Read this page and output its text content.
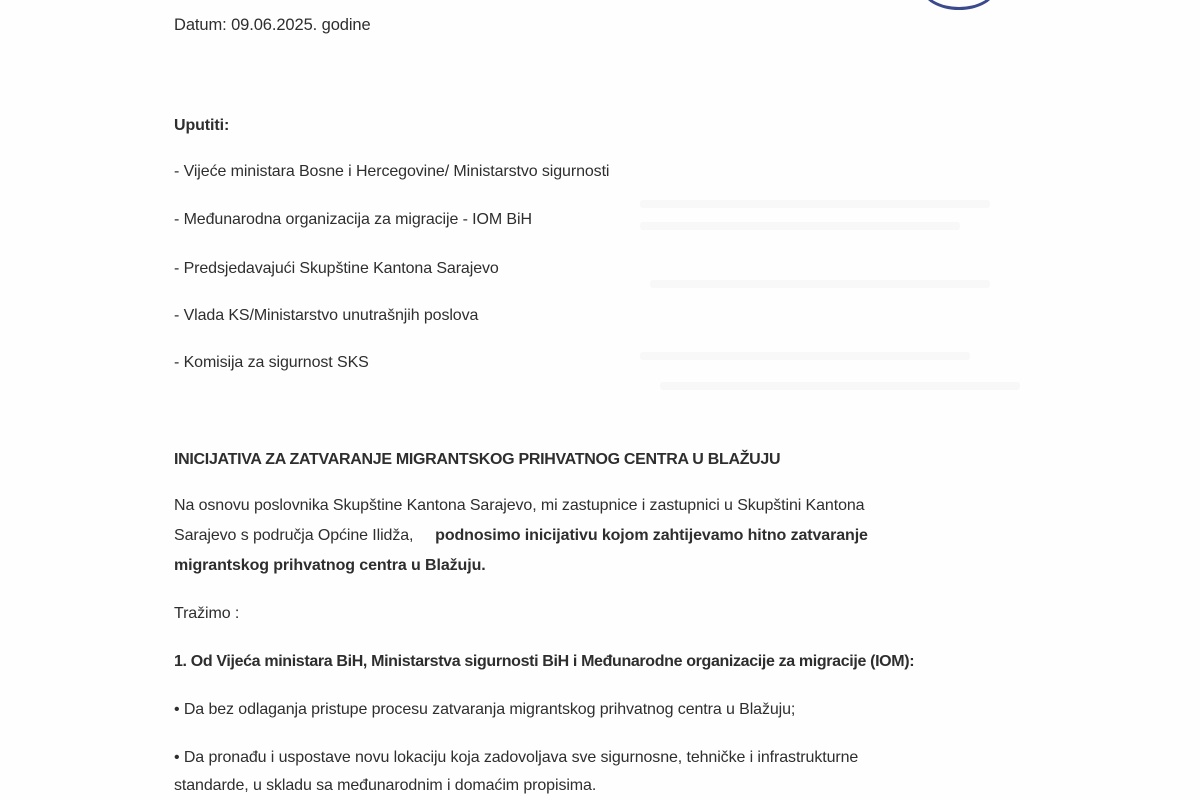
Datum: 09.06.2025. godine
Uputiti:
- Vijeće ministara Bosne i Hercegovine/ Ministarstvo sigurnosti
- Međunarodna organizacija za migracije - IOM BiH
- Predsjedavajući Skupštine Kantona Sarajevo
- Vlada KS/Ministarstvo unutrašnjih poslova
- Komisija za sigurnost SKS
INICIJATIVA ZA ZATVARANJE MIGRANTSKOG PRIHVATNOG CENTRA U BLAŽUJU
Na osnovu poslovnika Skupštine Kantona Sarajevo, mi zastupnice i zastupnici u Skupštini Kantona
Sarajevo s područja Općine Ilidža, podnosimo inicijativu kojom zahtijevamo hitno zatvaranje
migrantskog prihvatnog centra u Blažuju.
Tražimo :
1. Od Vijeća ministara BiH, Ministarstva sigurnosti BiH i Međunarodne organizacije za migracije (IOM):
• Da bez odlaganja pristupe procesu zatvaranja migrantskog prihvatnog centra u Blažuju;
• Da pronađu i uspostave novu lokaciju koja zadovoljava sve sigurnosne, tehničke i infrastrukturne
standarde, u skladu sa međunarodnim i domaćim propisima.
